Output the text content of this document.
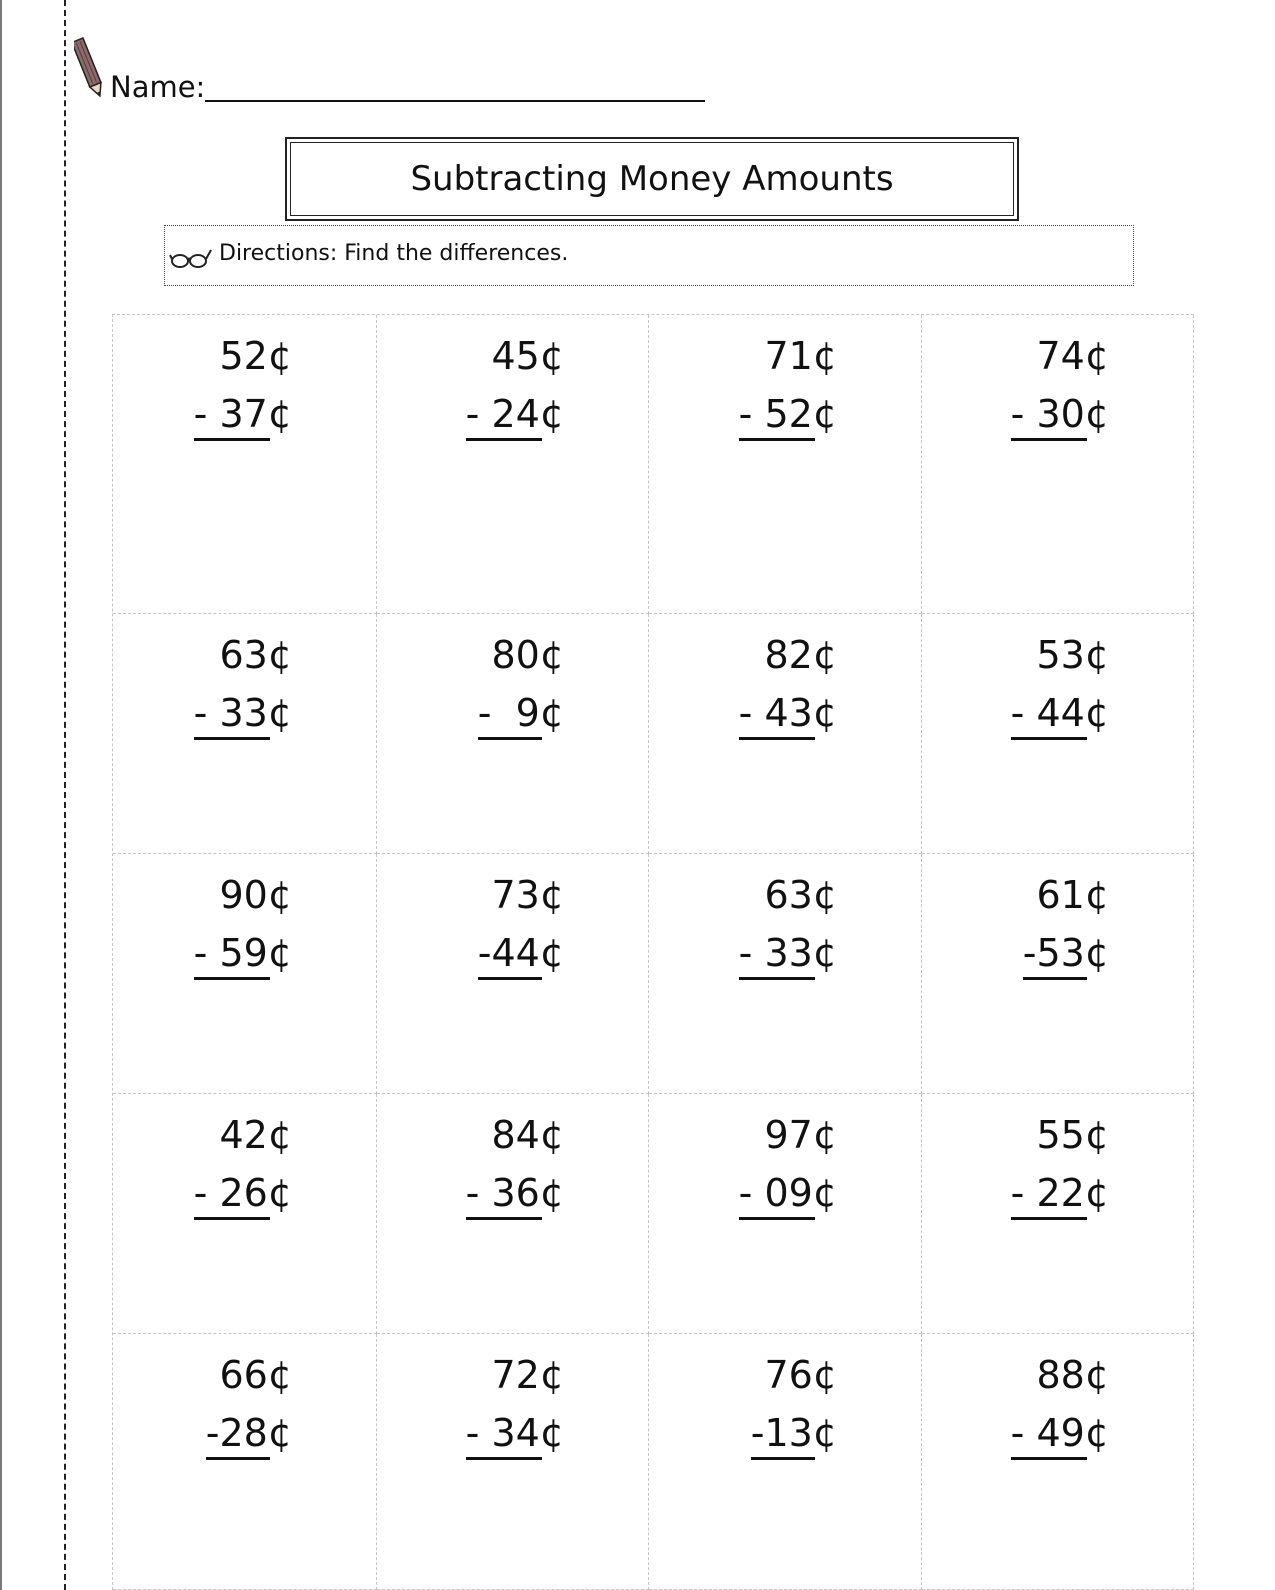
Name:
Subtracting Money Amounts
Directions: Find the differences.
52¢
- 37¢
45¢
- 24¢
71¢
- 52¢
74¢
- 30¢
63¢
- 33¢
80¢
-  9¢
82¢
- 43¢
53¢
- 44¢
90¢
- 59¢
73¢
-44¢
63¢
- 33¢
61¢
-53¢
42¢
- 26¢
84¢
- 36¢
97¢
- 09¢
55¢
- 22¢
66¢
-28¢
72¢
- 34¢
76¢
-13¢
88¢
- 49¢
